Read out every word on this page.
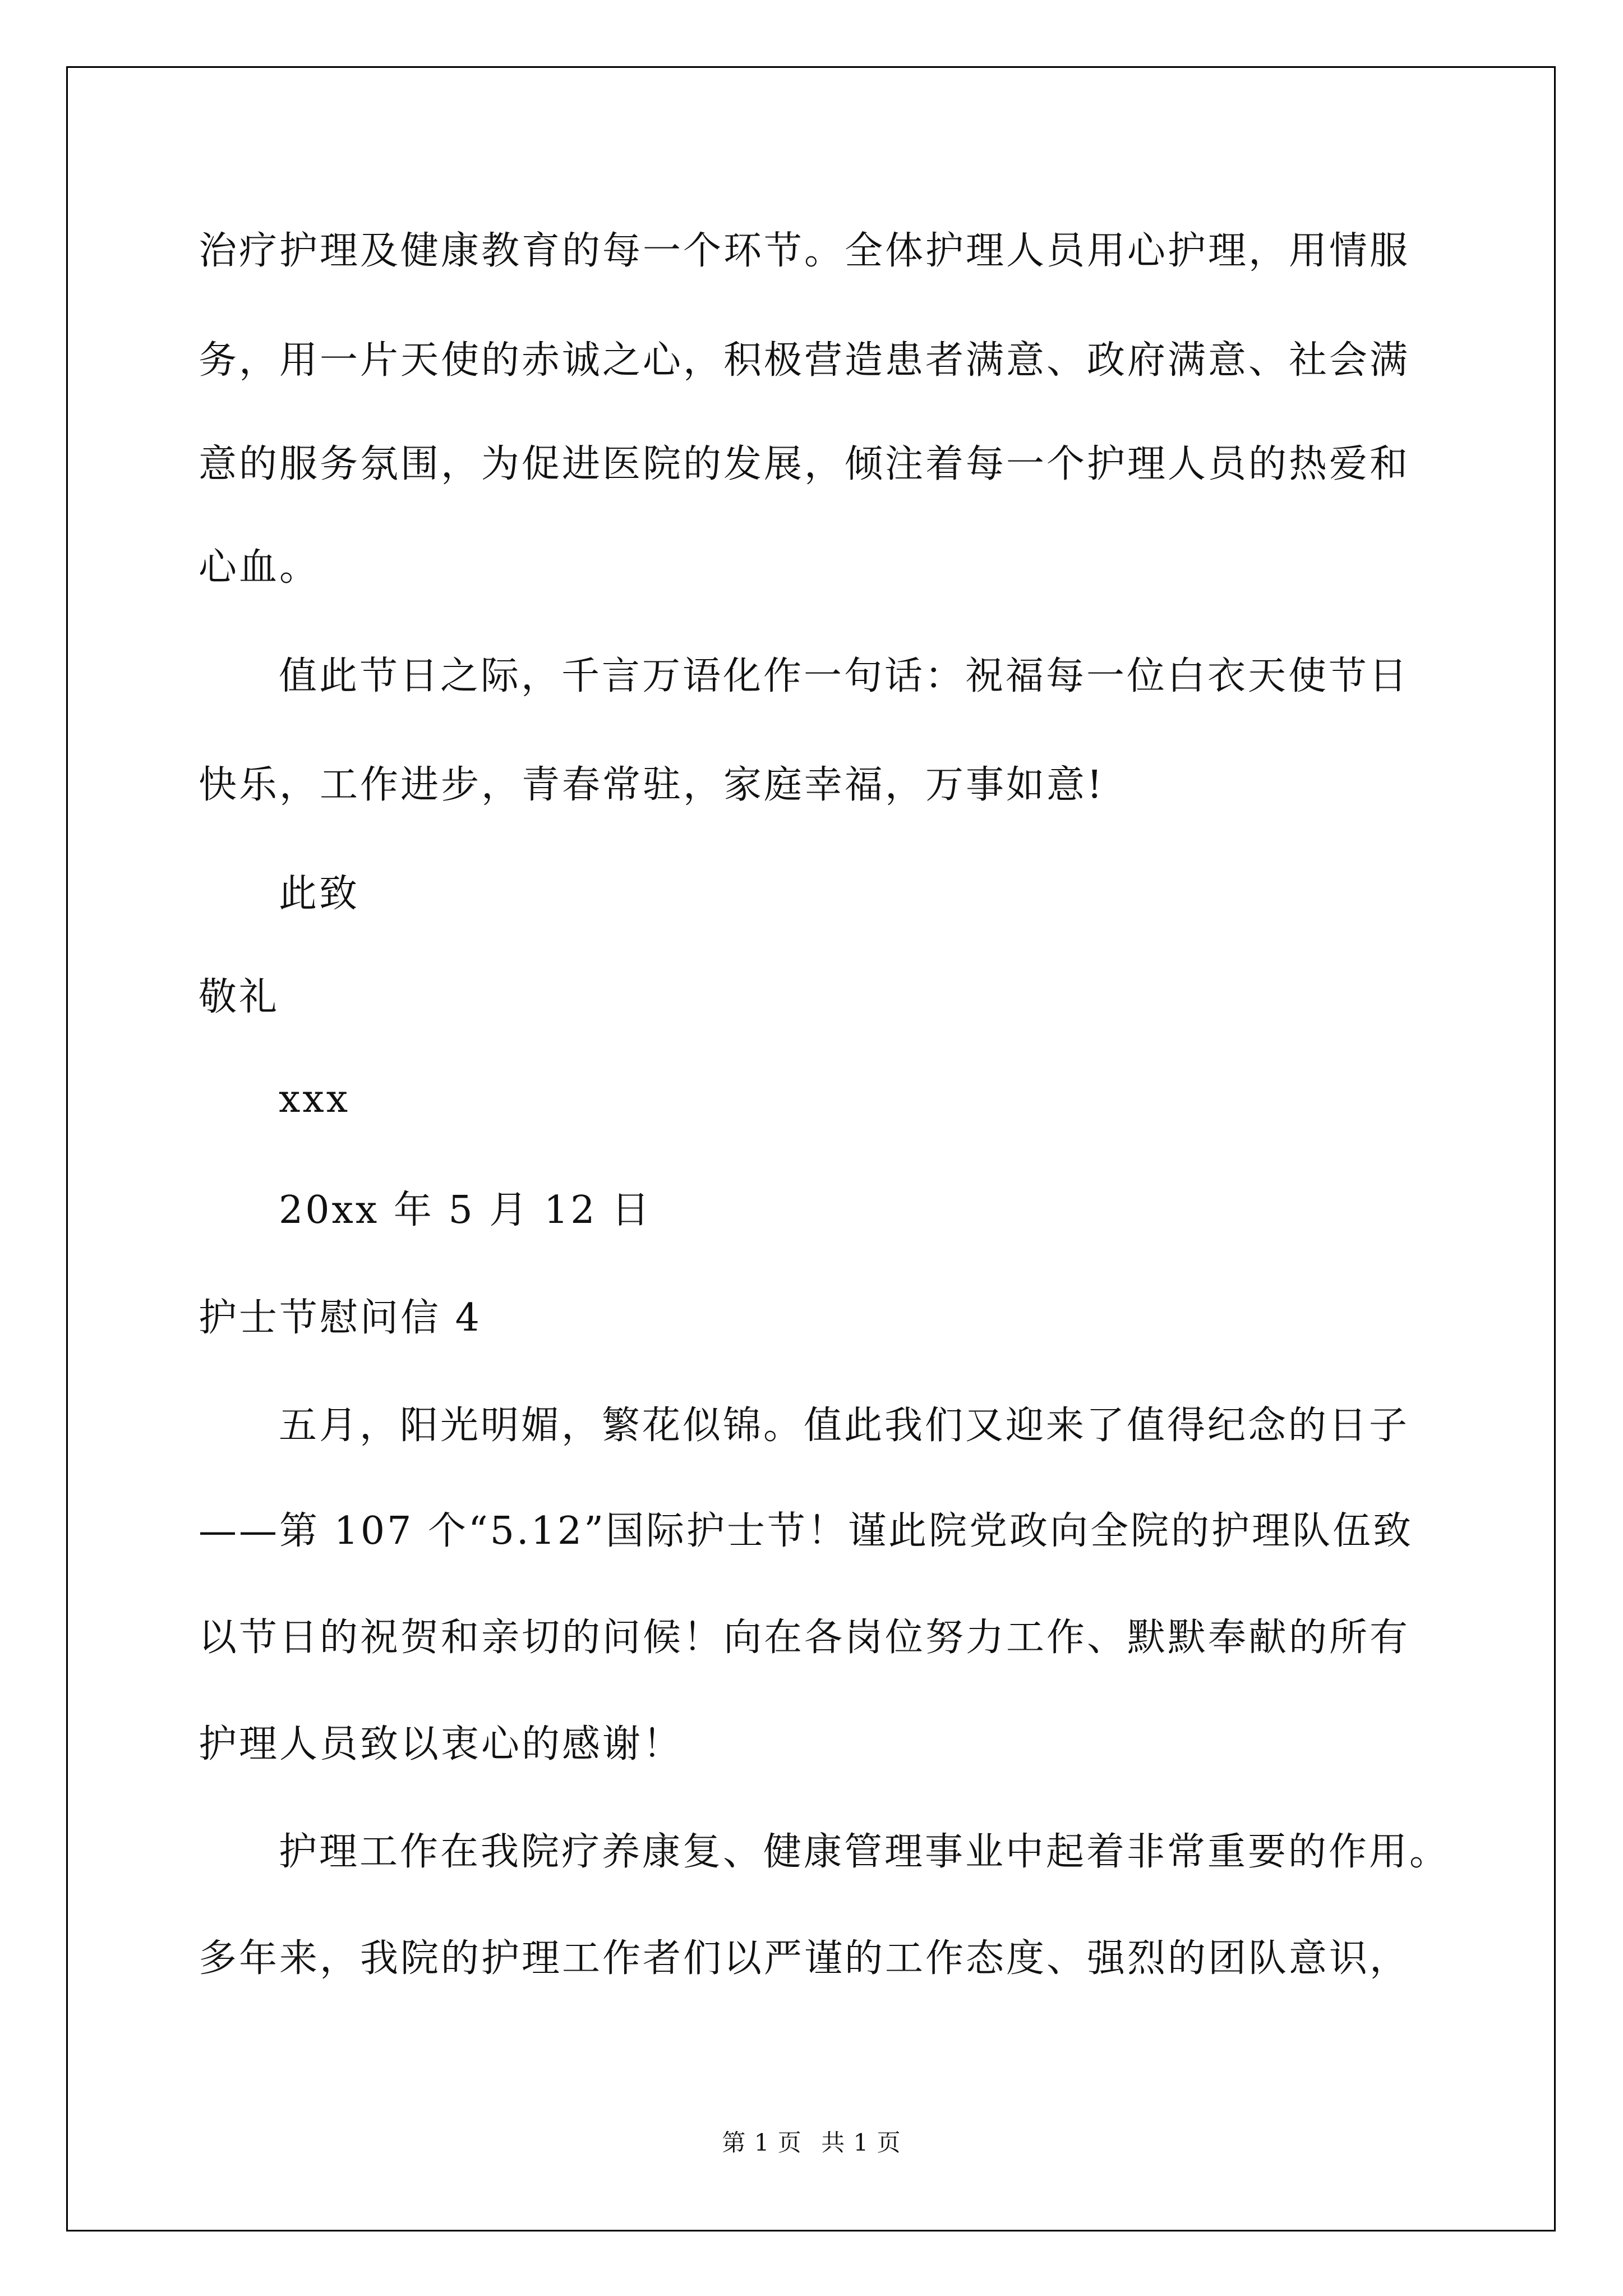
治疗护理及健康教育的每一个环节。全体护理人员用心护理，用情服
务，用一片天使的赤诚之心，积极营造患者满意、政府满意、社会满
意的服务氛围，为促进医院的发展，倾注着每一个护理人员的热爱和
心血。
值此节日之际，千言万语化作一句话：祝福每一位白衣天使节日
快乐，工作进步，青春常驻，家庭幸福，万事如意!
此致
敬礼
xxx
20xx 年 5 月 12 日
护士节慰问信 4
五月，阳光明媚，繁花似锦。值此我们又迎来了值得纪念的日子
——第 107 个“5.12”国际护士节！谨此院党政向全院的护理队伍致
以节日的祝贺和亲切的问候！向在各岗位努力工作、默默奉献的所有
护理人员致以衷心的感谢！
护理工作在我院疗养康复、健康管理事业中起着非常重要的作用。
多年来，我院的护理工作者们以严谨的工作态度、强烈的团队意识，
第 1 页 共 1 页
